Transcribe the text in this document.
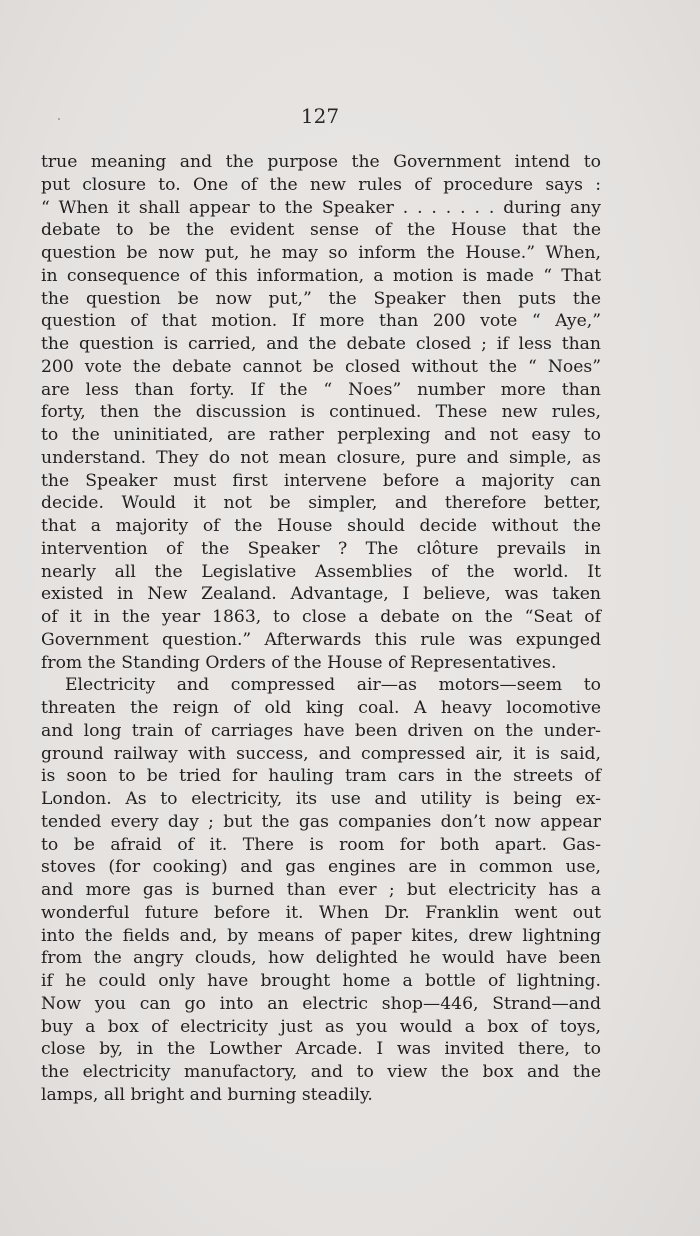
127
true meaning and the purpose the Government intend to
put closure to. One of the new rules of procedure says :
“ When it shall appear to the Speaker . . . . . . . during any
debate to be the evident sense of the House that the
question be now put, he may so inform the House.” When,
in consequence of this information, a motion is made “ That
the question be now put,” the Speaker then puts the
question of that motion. If more than 200 vote “ Aye,”
the question is carried, and the debate closed ; if less than
200 vote the debate cannot be closed without the “ Noes”
are less than forty. If the “ Noes” number more than
forty, then the discussion is continued. These new rules,
to the uninitiated, are rather perplexing and not easy to
understand. They do not mean closure, pure and simple, as
the Speaker must first intervene before a majority can
decide. Would it not be simpler, and therefore better,
that a majority of the House should decide without the
intervention of the Speaker ? The clôture prevails in
nearly all the Legislative Assemblies of the world. It
existed in New Zealand. Advantage, I believe, was taken
of it in the year 1863, to close a debate on the “Seat of
Government question.” Afterwards this rule was expunged
from the Standing Orders of the House of Representatives.
Electricity and compressed air—as motors—seem to
threaten the reign of old king coal. A heavy locomotive
and long train of carriages have been driven on the under-
ground railway with success, and compressed air, it is said,
is soon to be tried for hauling tram cars in the streets of
London. As to electricity, its use and utility is being ex-
tended every day ; but the gas companies don’t now appear
to be afraid of it. There is room for both apart. Gas-
stoves (for cooking) and gas engines are in common use,
and more gas is burned than ever ; but electricity has a
wonderful future before it. When Dr. Franklin went out
into the fields and, by means of paper kites, drew lightning
from the angry clouds, how delighted he would have been
if he could only have brought home a bottle of lightning.
Now you can go into an electric shop—446, Strand—and
buy a box of electricity just as you would a box of toys,
close by, in the Lowther Arcade. I was invited there, to
the electricity manufactory, and to view the box and the
lamps, all bright and burning steadily.
